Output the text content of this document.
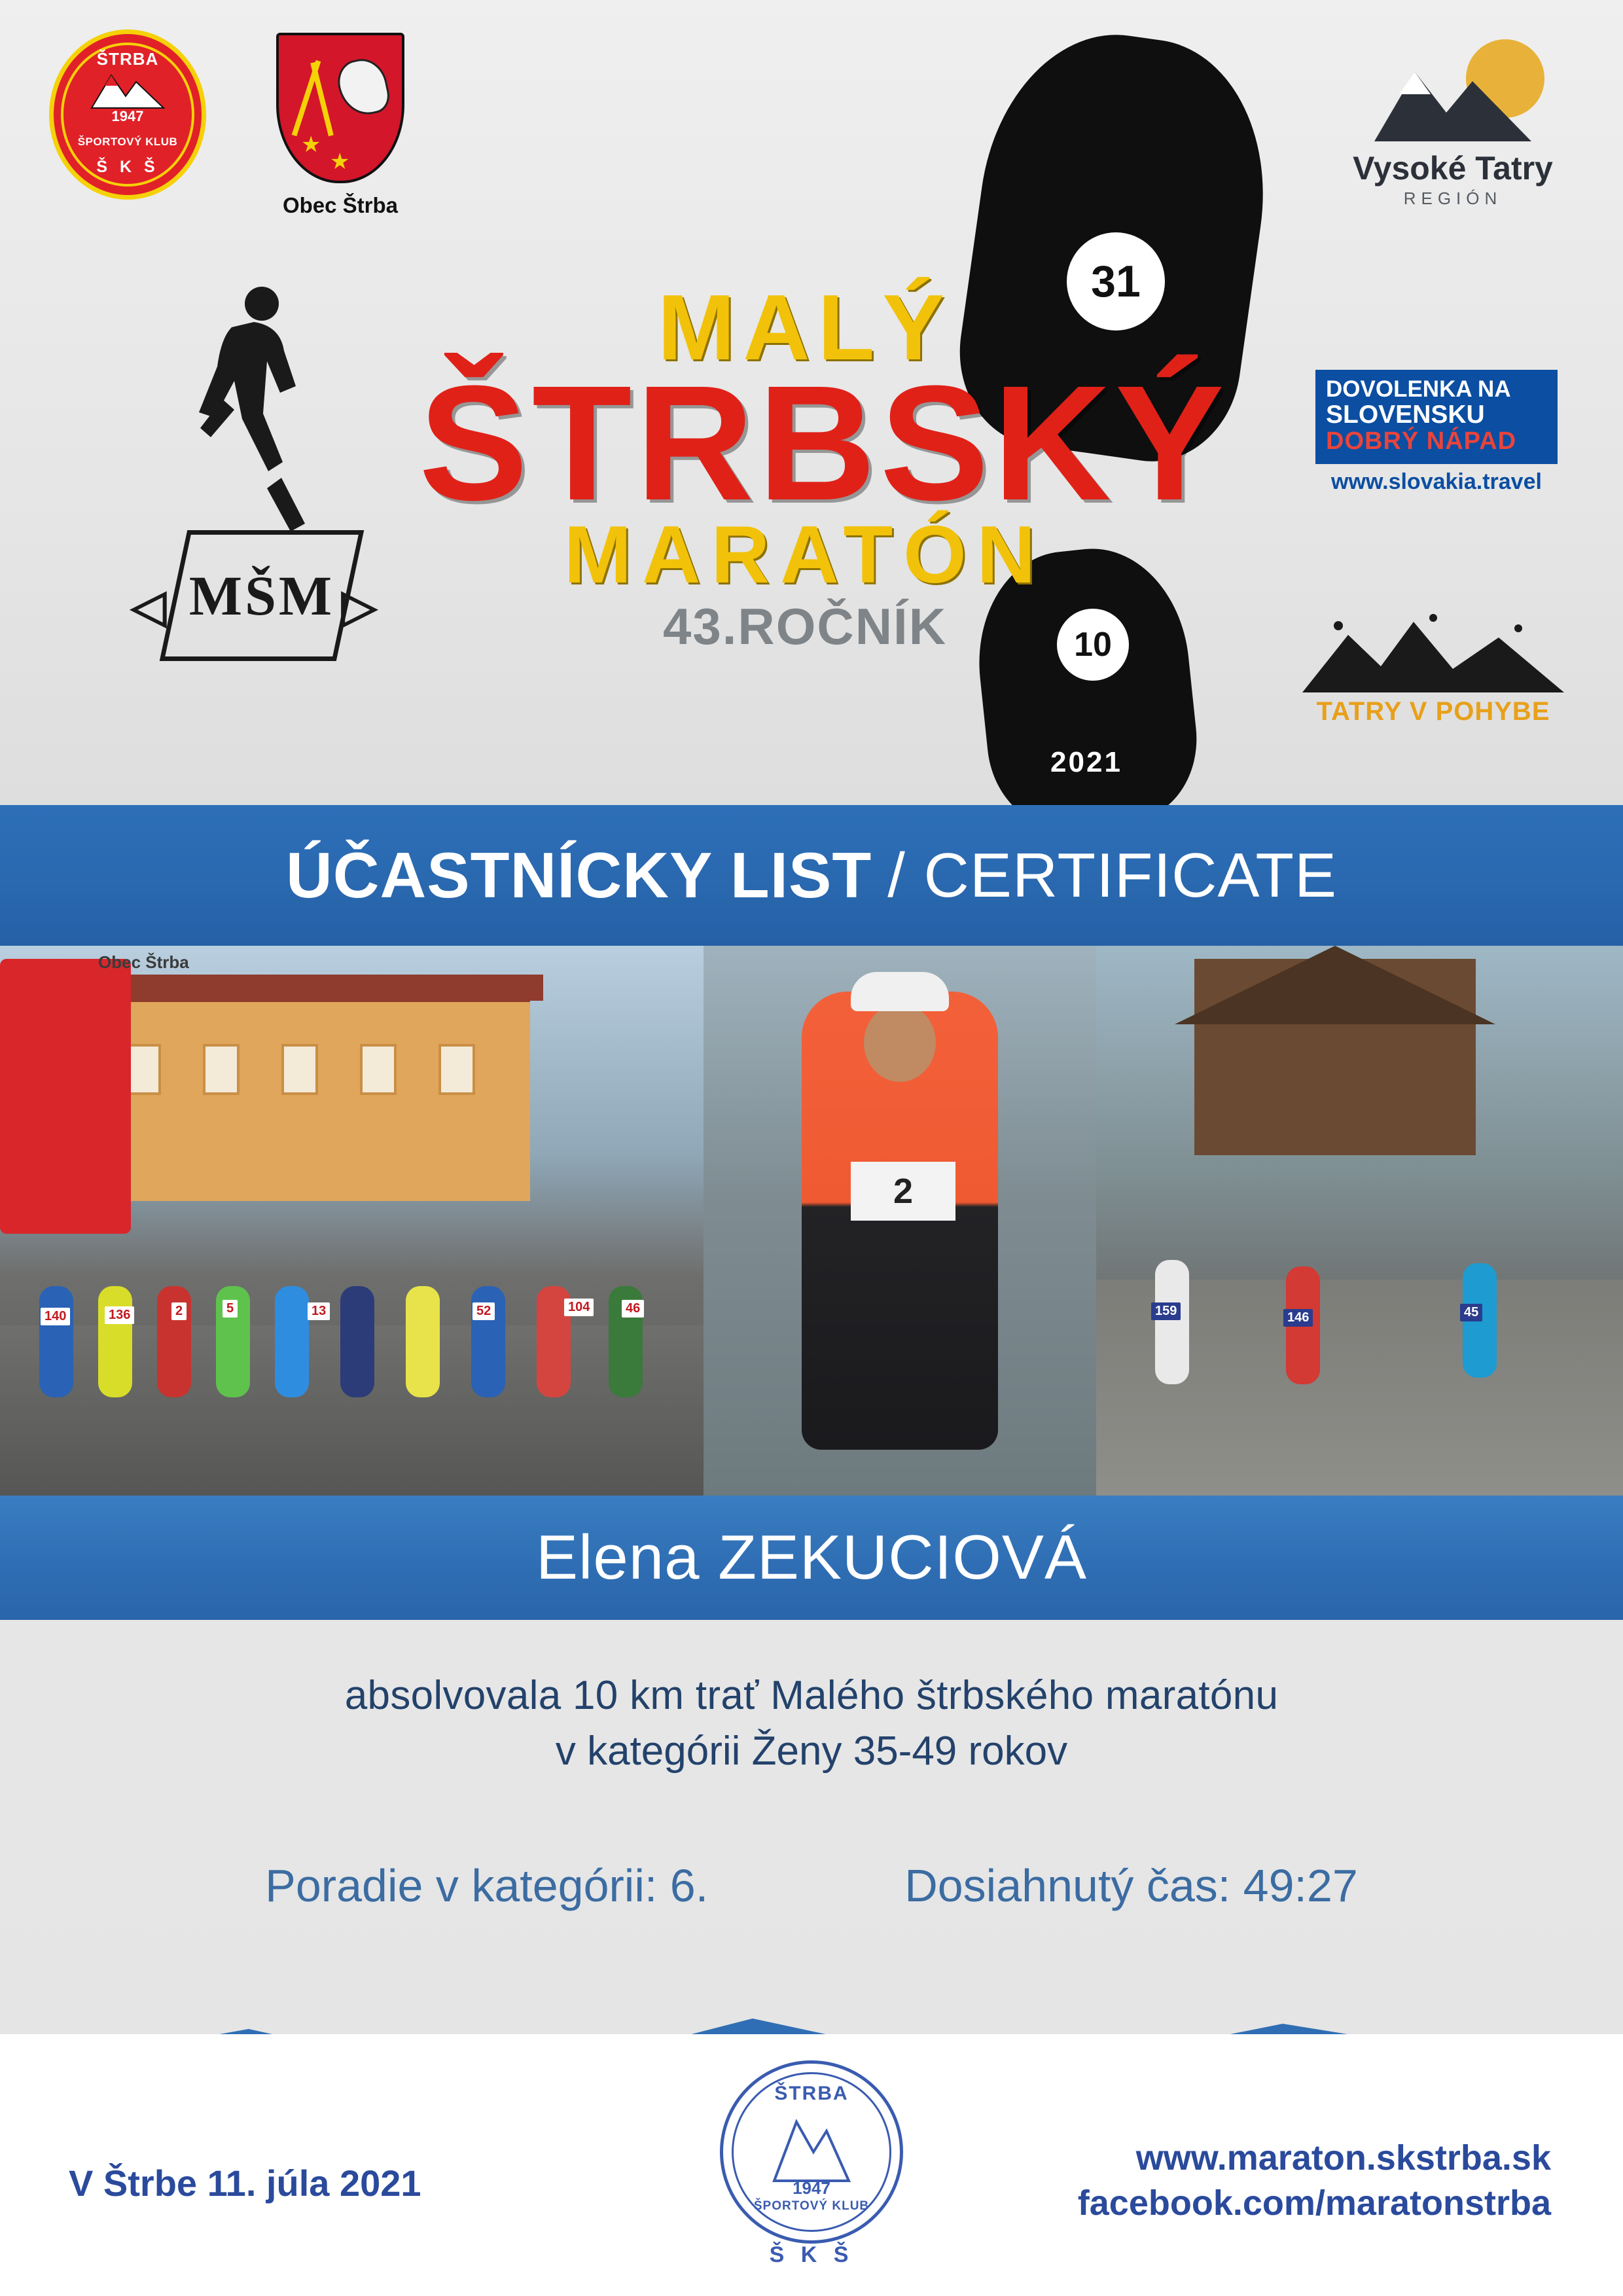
ŠTRBA
1947
ŠPORTOVÝ KLUB
Š K Š
★
★
Obec Štrba
MŠM
◁	▷
31
10
2021
MALÝ
ŠTRBSKÝ
MARATÓN
43.ROČNÍK
Vysoké Tatry
REGIÓN
DOVOLENKA NA
SLOVENSKU
DOBRÝ NÁPAD
www.slovakia.travel
TATRY V POHYBE
ÚČASTNÍCKY LIST / CERTIFICATE
Obec Štrba
140	136	2	5	13	52	104	46
2
159	146	45
Elena ZEKUCIOVÁ
absolvovala 10 km trať Malého štrbského maratónu
v kategórii Ženy 35-49 rokov
Poradie v kategórii: 6.	Dosiahnutý čas: 49:27
V Štrbe 11. júla 2021
ŠTRBA
1947
ŠPORTOVÝ KLUB
Š K Š
www.maraton.skstrba.sk
facebook.com/maratonstrba
